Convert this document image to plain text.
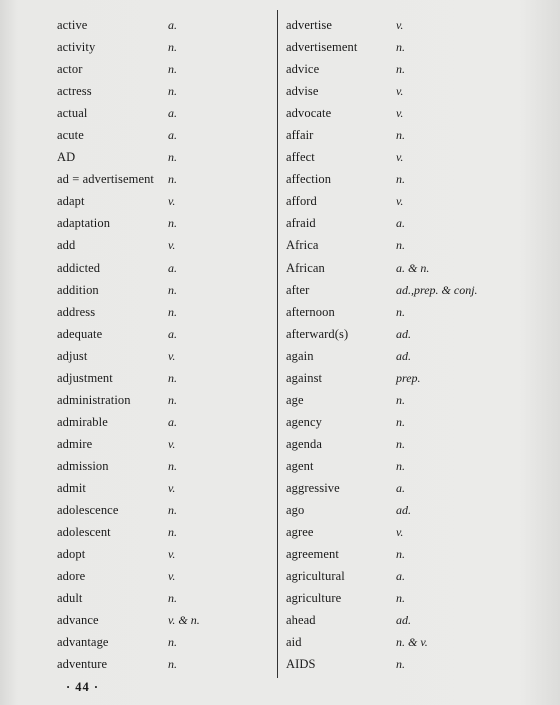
active	a.
activity	n.
actor	n.
actress	n.
actual	a.
acute	a.
AD	n.
ad = advertisement n.
adapt	v.
adaptation	n.
add	v.
addicted	a.
addition	n.
address	n.
adequate	a.
adjust	v.
adjustment	n.
administration	n.
admirable	a.
admire	v.
admission	n.
admit	v.
adolescence	n.
adolescent	n.
adopt	v.
adore	v.
adult	n.
advance	v. & n.
advantage	n.
adventure	n.
advertise	v.
advertisement	n.
advice	n.
advise	v.
advocate	v.
affair	n.
affect	v.
affection	n.
afford	v.
afraid	a.
Africa	n.
African	a. & n.
after	ad.,prep. & conj.
afternoon	n.
afterward(s)	ad.
again	ad.
against	prep.
age	n.
agency	n.
agenda	n.
agent	n.
aggressive	a.
ago	ad.
agree	v.
agreement	n.
agricultural	a.
agriculture	n.
ahead	ad.
aid	n. & v.
AIDS	n.
· 44 ·
